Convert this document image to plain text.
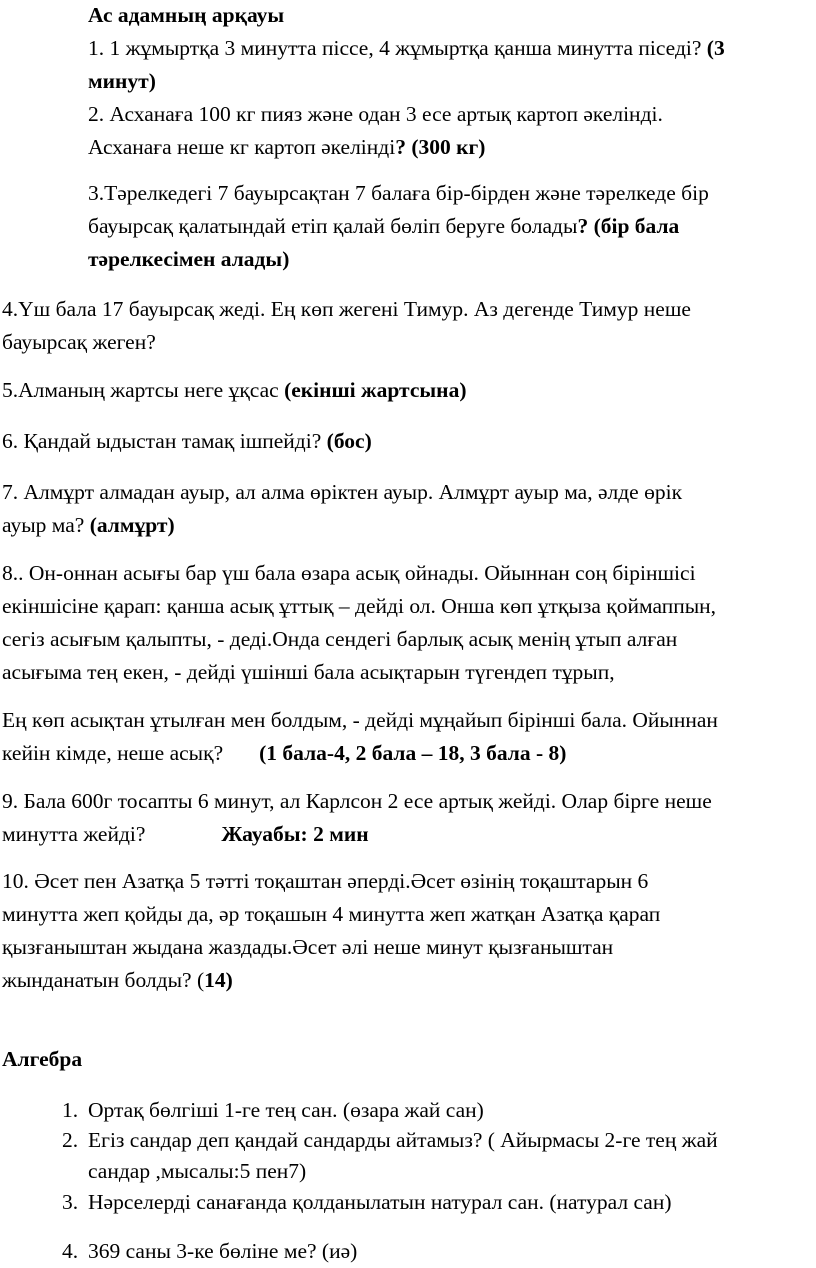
Ас адамның арқауы
1. 1 жұмыртқа 3 минутта піссе, 4 жұмыртқа қанша минутта піседі? (3
минут)
2. Асханаға 100 кг пияз және одан 3 есе артық картоп әкелінді.
Асханаға неше кг картоп әкелінді? (300 кг)
3.Тәрелкедегі 7 бауырсақтан 7 балаға бір-бірден және тәрелкеде бір
бауырсақ қалатындай етіп қалай бөліп беруге болады? (бір бала
тәрелкесімен алады)
4.Үш бала 17 бауырсақ жеді. Ең көп жегені Тимур. Аз дегенде Тимур неше
бауырсақ жеген?
5.Алманың жартсы неге ұқсас (екінші жартсына)
6. Қандай ыдыстан тамақ ішпейді? (бос)
7. Алмұрт алмадан ауыр, ал алма өріктен ауыр. Алмұрт ауыр ма, әлде өрік
ауыр ма? (алмұрт)
8.. Он-оннан асығы бар үш бала өзара асық ойнады. Ойыннан соң біріншісі
екіншісіне қарап: қанша асық ұттық – дейді ол. Онша көп ұтқыза қоймаппын,
сегіз асығым қалыпты, - деді.Онда сендегі барлық асық менің ұтып алған
асығыма тең екен, - дейді үшінші бала асықтарын түгендеп тұрып,
Ең көп асықтан ұтылған мен болдым, - дейді мұңайып бірінші бала. Ойыннан
кейін кімде, неше асық? (1 бала-4, 2 бала – 18, 3 бала - 8)
9. Бала 600г тосапты 6 минут, ал Карлсон 2 есе артық жейді. Олар бірге неше
минутта жейді?	Жауабы: 2 мин
10. Әсет пен Азатқа 5 тәтті тоқаштан әперді.Әсет өзінің тоқаштарын 6
минутта жеп қойды да, әр тоқашын 4 минутта жеп жатқан Азатқа қарап
қызғаныштан жыдана жаздады.Әсет әлі неше минут қызғаныштан
жынданатын болды? (14)
Алгебра
1. Ортақ бөлгіші 1-ге тең сан. (өзара жай сан)
2. Егіз сандар деп қандай сандарды айтамыз? ( Айырмасы 2-ге тең жай
сандар ,мысалы:5 пен7)
3. Нәрселерді санағанда қолданылатын натурал сан. (натурал сан)
4. 369 саны 3-ке бөліне ме? (иә)
